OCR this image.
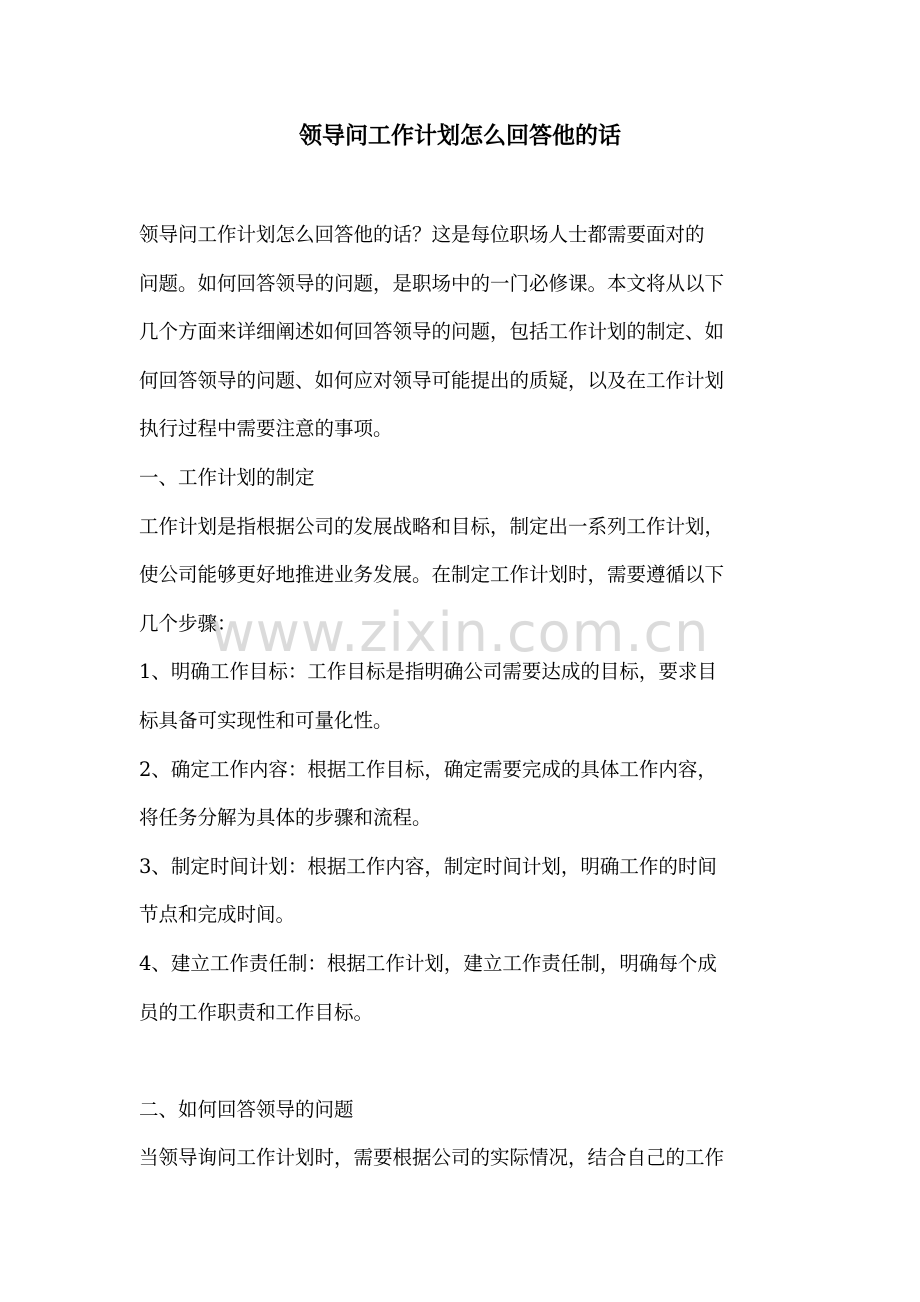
领导问工作计划怎么回答他的话
领导问工作计划怎么回答他的话？这是每位职场人士都需要面对的
问题。如何回答领导的问题，是职场中的一门必修课。本文将从以下
几个方面来详细阐述如何回答领导的问题，包括工作计划的制定、如
何回答领导的问题、如何应对领导可能提出的质疑，以及在工作计划
执行过程中需要注意的事项。
一、工作计划的制定
工作计划是指根据公司的发展战略和目标，制定出一系列工作计划，
使公司能够更好地推进业务发展。在制定工作计划时，需要遵循以下
几个步骤：
1、明确工作目标：工作目标是指明确公司需要达成的目标，要求目
标具备可实现性和可量化性。
2、确定工作内容：根据工作目标，确定需要完成的具体工作内容，
将任务分解为具体的步骤和流程。
3、制定时间计划：根据工作内容，制定时间计划，明确工作的时间
节点和完成时间。
4、建立工作责任制：根据工作计划，建立工作责任制，明确每个成
员的工作职责和工作目标。
二、如何回答领导的问题
当领导询问工作计划时，需要根据公司的实际情况，结合自己的工作
www.zixin.com.cn
